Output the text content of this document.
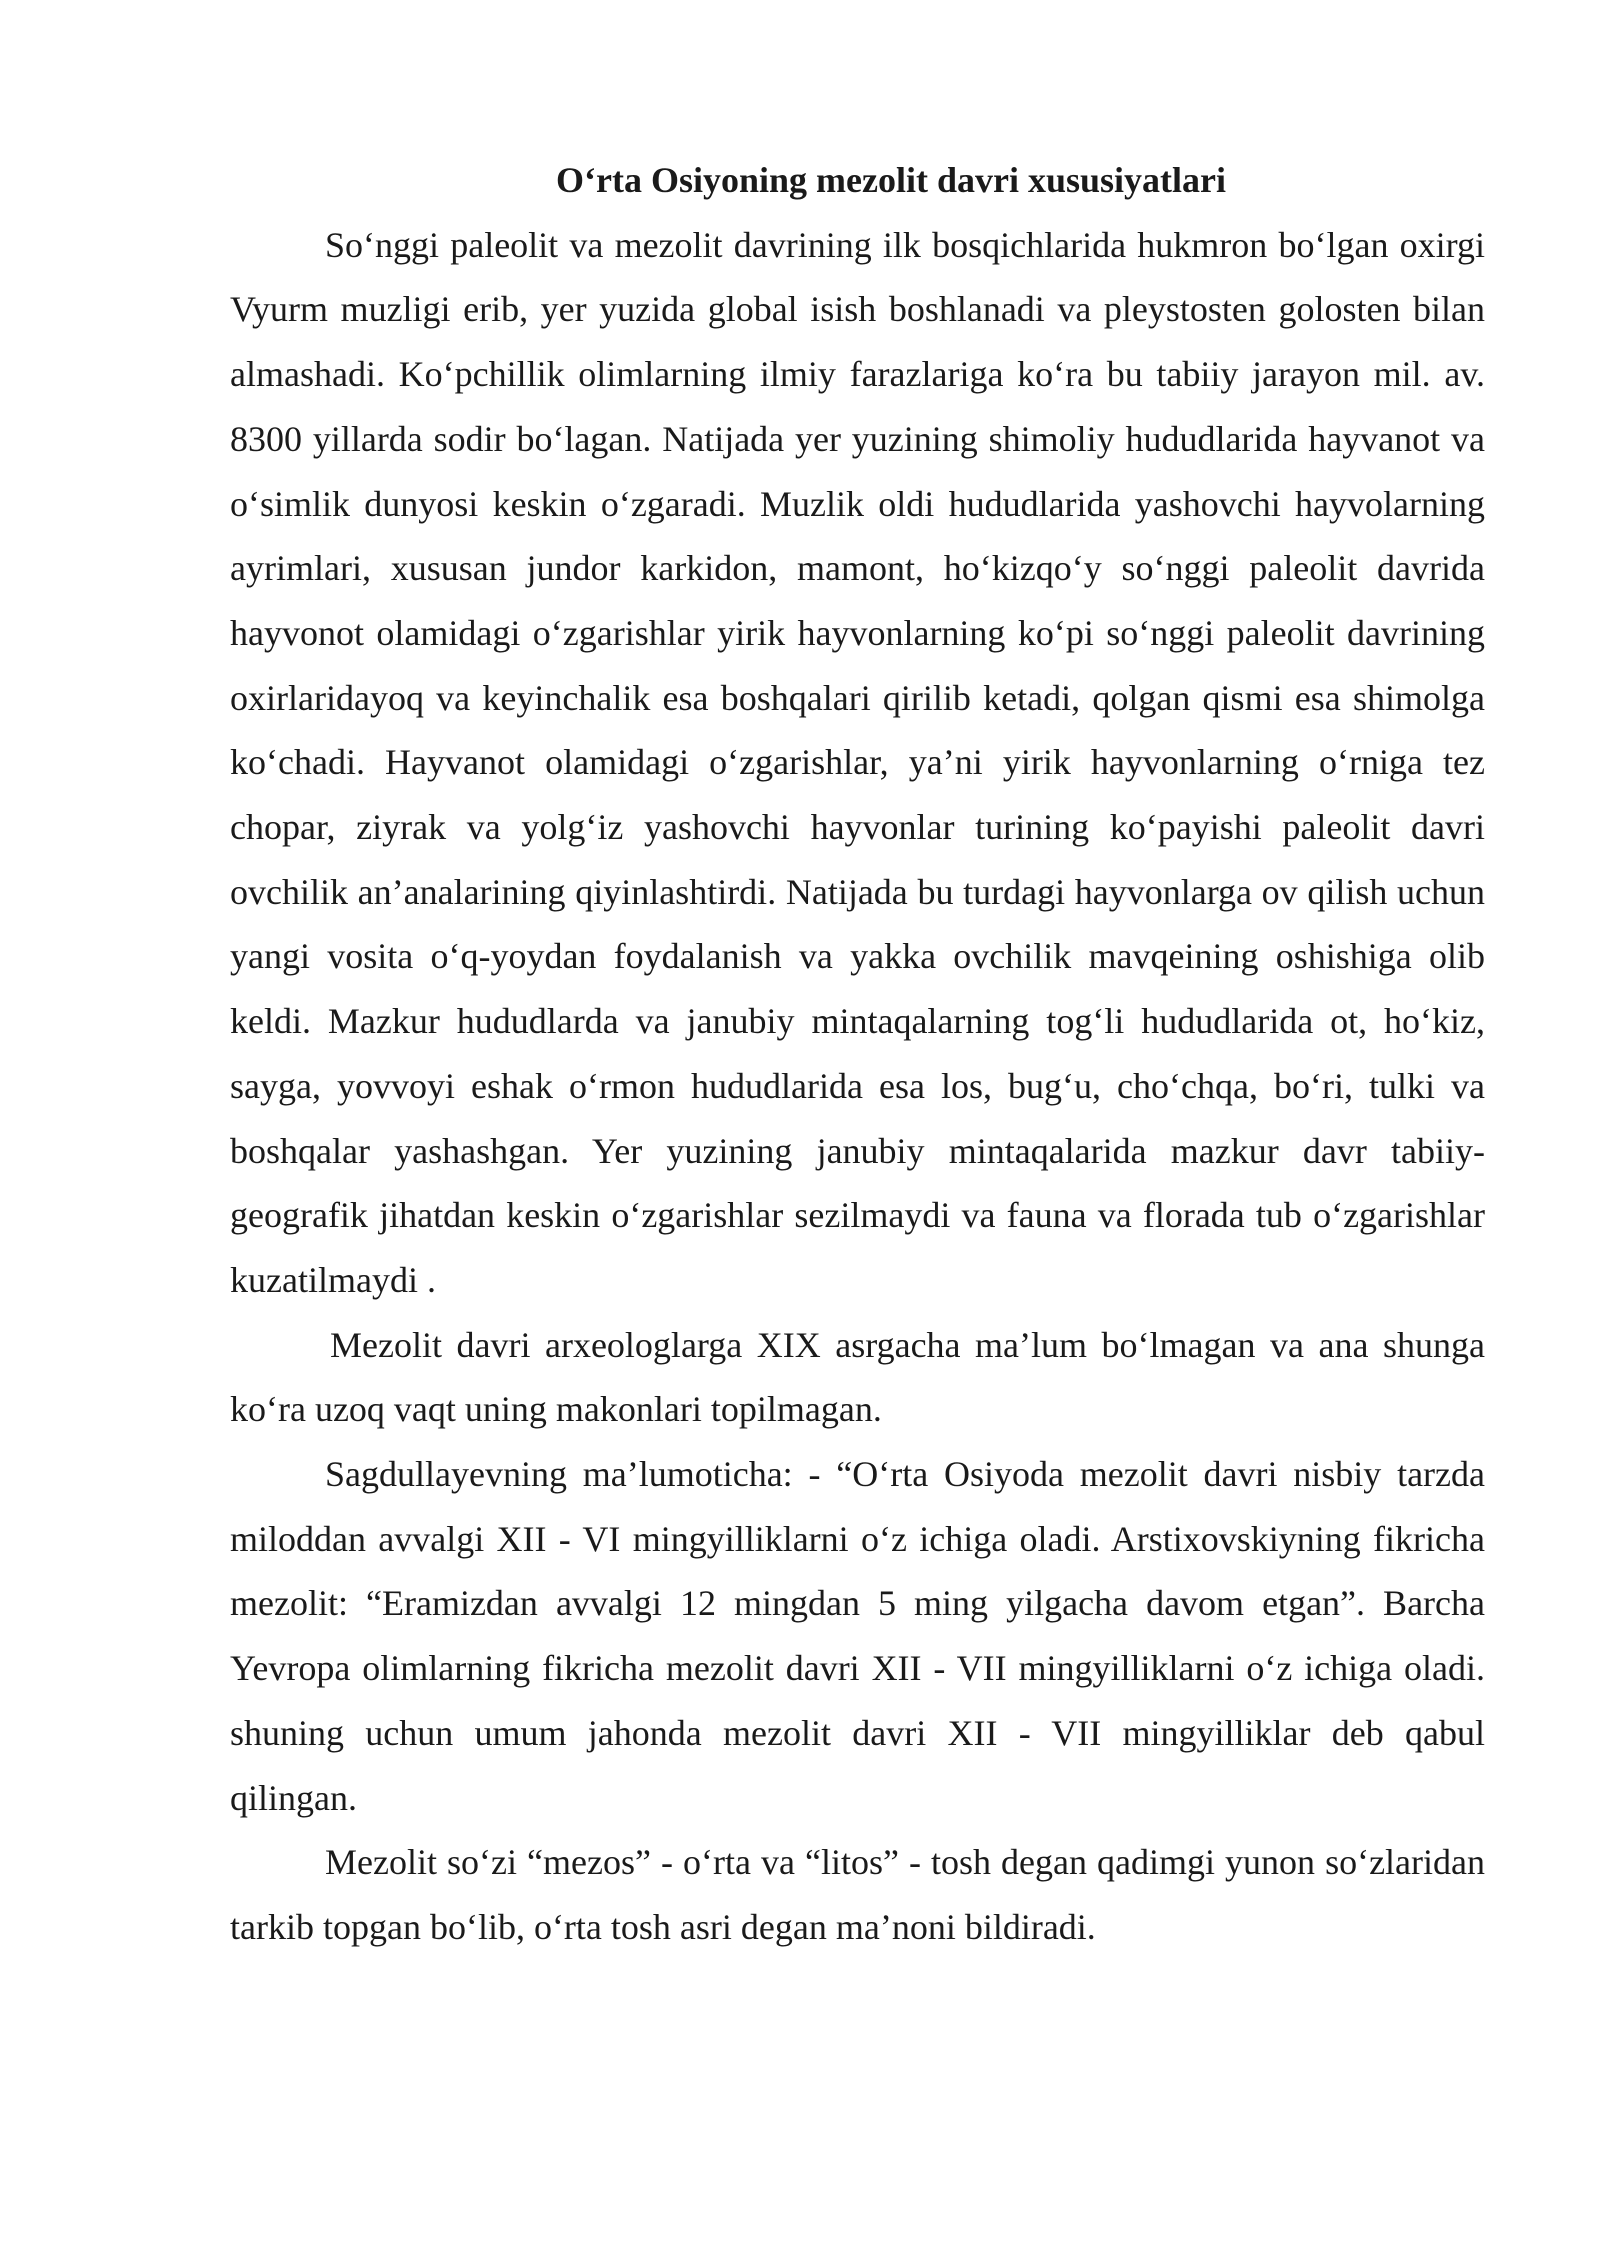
O‘rta Osiyoning mezolit davri xususiyatlari

So‘nggi paleolit va mezolit davrining ilk bosqichlarida hukmron bo‘lgan oxirgi Vyurm muzligi erib, yer yuzida global isish boshlanadi va pleystosten golosten bilan almashadi. Ko‘pchillik olimlarning ilmiy farazlariga ko‘ra bu tabiiy jarayon mil. av. 8300 yillarda sodir bo‘lagan. Natijada yer yuzining shimoliy hududlarida hayvanot va o‘simlik dunyosi keskin o‘zgaradi. Muzlik oldi hududlarida yashovchi hayvolarning ayrimlari, xususan jundor karkidon, mamont, ho‘kizqo‘y so‘nggi paleolit davrida hayvonot olamidagi o‘zgarishlar yirik hayvonlarning ko‘pi so‘nggi paleolit davrining oxirlaridayoq va keyinchalik esa boshqalari qirilib ketadi, qolgan qismi esa shimolga ko‘chadi. Hayvanot olamidagi o‘zgarishlar, ya’ni yirik hayvonlarning o‘rniga tez chopar, ziyrak va yolg‘iz yashovchi hayvonlar turining ko‘payishi paleolit davri ovchilik an’analarining qiyinlashtirdi. Natijada bu turdagi hayvonlarga ov qilish uchun yangi vosita o‘q-yoydan foydalanish va yakka ovchilik mavqeining oshishiga olib keldi. Mazkur hududlarda va janubiy mintaqalarning tog‘li hududlarida ot, ho‘kiz, sayga, yovvoyi eshak o‘rmon hududlarida esa los, bug‘u, cho‘chqa, bo‘ri, tulki va boshqalar yashashgan. Yer yuzining janubiy mintaqalarida mazkur davr tabiiy-geografik jihatdan keskin o‘zgarishlar sezilmaydi va fauna va florada tub o‘zgarishlar kuzatilmaydi .

Mezolit davri arxeologlarga XIX asrgacha ma’lum bo‘lmagan va ana shunga ko‘ra uzoq vaqt uning makonlari topilmagan.

Sagdullayevning ma’lumoticha: - “O‘rta Osiyoda mezolit davri nisbiy tarzda miloddan avvalgi XII - VI mingyilliklarni o‘z ichiga oladi. Arstixovskiyning fikricha mezolit: “Eramizdan avvalgi 12 mingdan 5 ming yilgacha davom etgan”. Barcha Yevropa olimlarning fikricha mezolit davri XII - VII mingyilliklarni o‘z ichiga oladi. shuning uchun umum jahonda mezolit davri XII - VII mingyilliklar deb qabul qilingan.

Mezolit so‘zi “mezos” - o‘rta va “litos” - tosh degan qadimgi yunon so‘zlaridan tarkib topgan bo‘lib, o‘rta tosh asri degan ma’noni bildiradi.
